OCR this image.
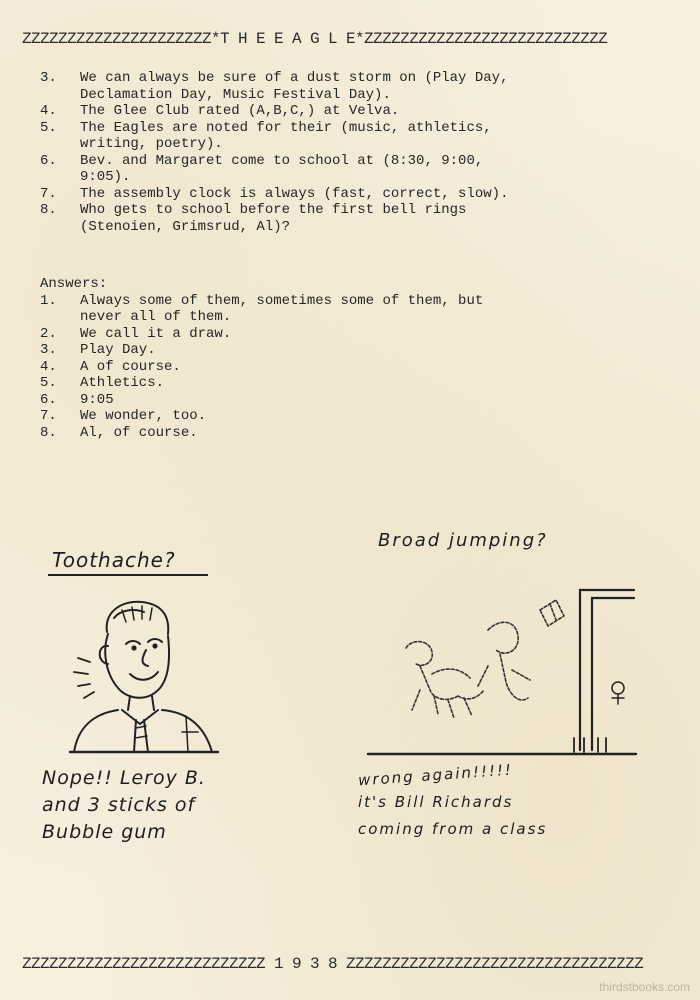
ZZZZZZZZZZZZZZZZZZZZZ*T H E E A G L E*ZZZZZZZZZZZZZZZZZZZZZZZZZZZ
3.	We can always be sure of a dust storm on (Play Day,
Declamation Day, Music Festival Day).
4.	The Glee Club rated (A,B,C,) at Velva.
5.	The Eagles are noted for their (music, athletics,
writing, poetry).
6.	Bev. and Margaret come to school at (8:30, 9:00,
9:05).
7.	The assembly clock is always (fast, correct, slow).
8.	Who gets to school before the first bell rings
(Stenoien, Grimsrud, Al)?
Answers:
1.	Always some of them, sometimes some of them, but
never all of them.
2.	We call it a draw.
3.	Play Day.
4.	A of course.
5.	Athletics.
6.	9:05
7.	We wonder, too.
8.	Al, of course.
Toothache?
Nope!! Leroy B.
and 3 sticks of
Bubble gum
Broad jumping?
wrong again!!!!!
it's Bill Richards
coming from a class
ZZZZZZZZZZZZZZZZZZZZZZZZZZZ 1 9 3 8 ZZZZZZZZZZZZZZZZZZZZZZZZZZZZZZZZZ
thirdstbooks.com
